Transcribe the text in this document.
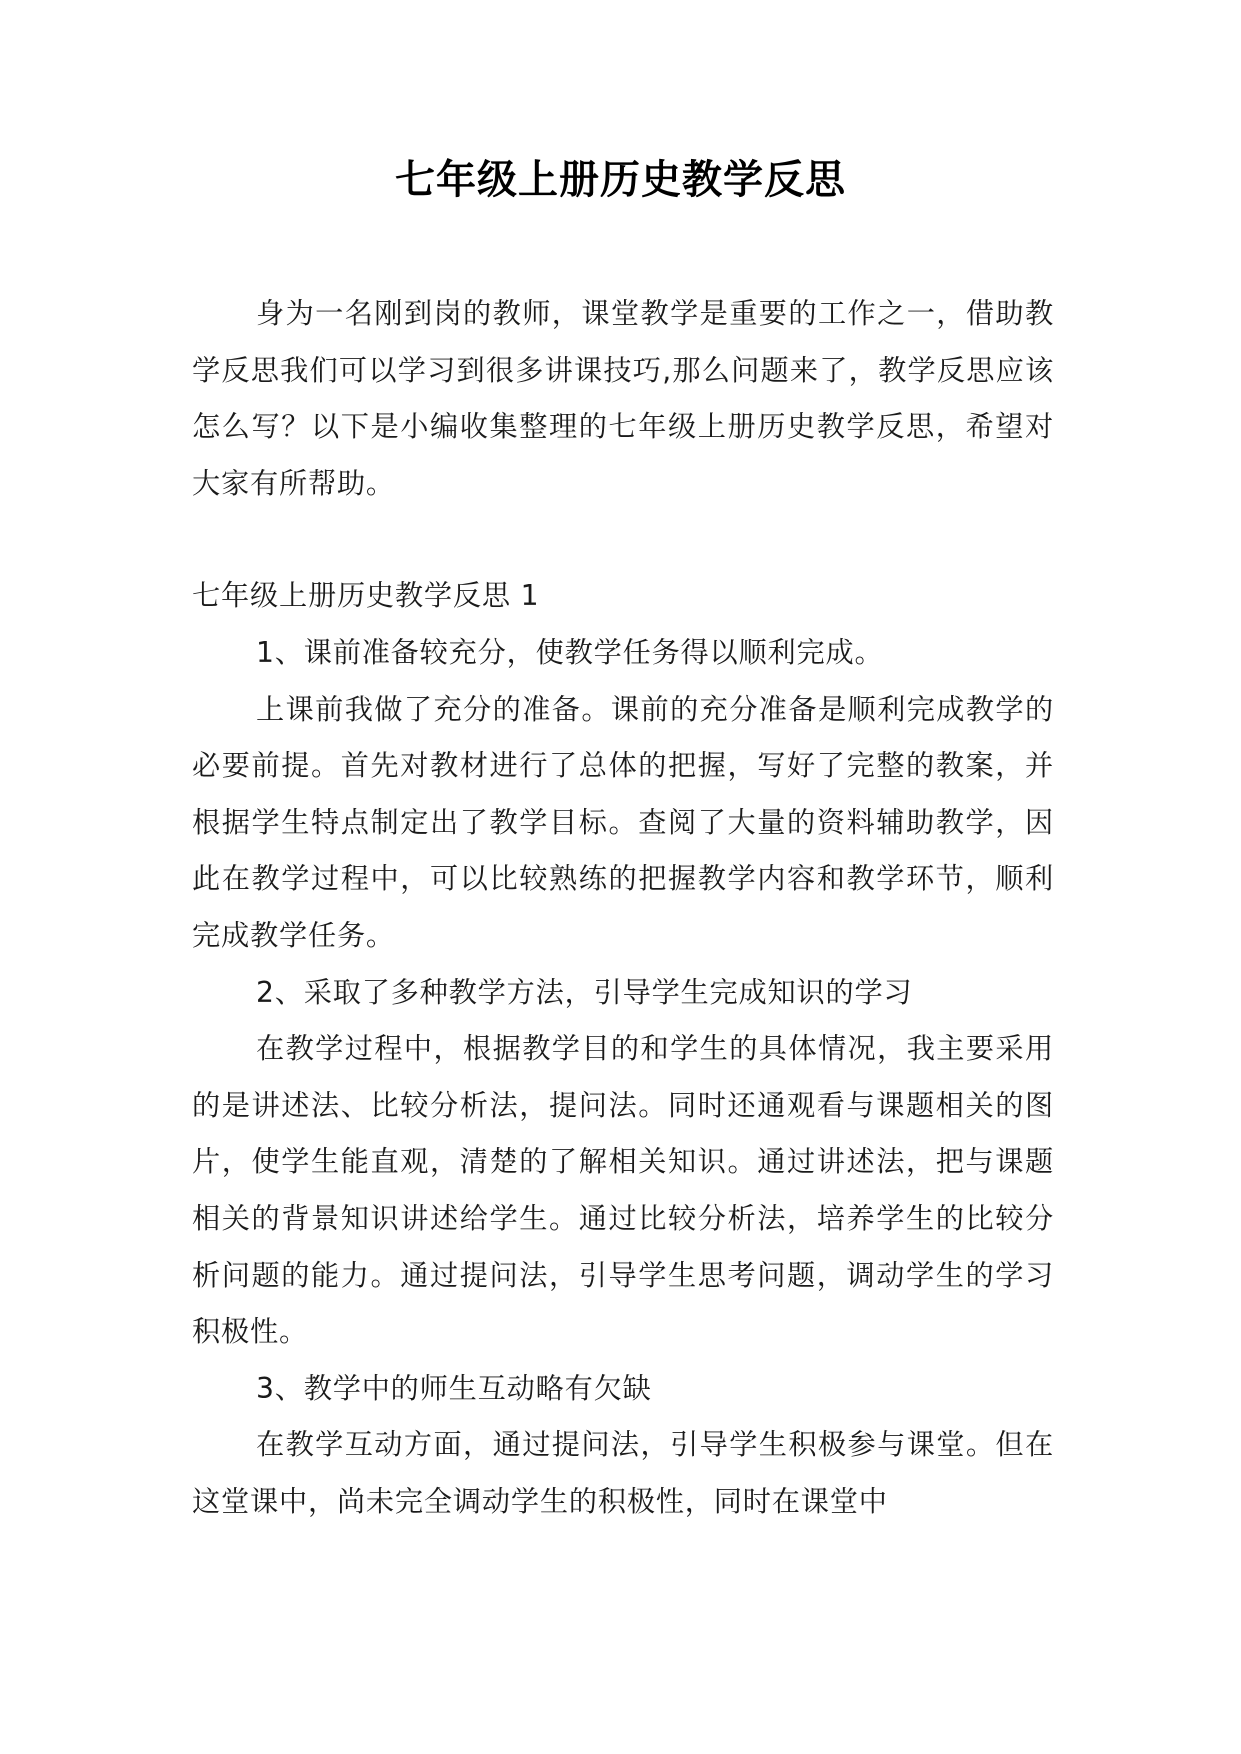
七年级上册历史教学反思

身为一名刚到岗的教师，课堂教学是重要的工作之一，借助教学反思我们可以学习到很多讲课技巧,那么问题来了，教学反思应该怎么写？以下是小编收集整理的七年级上册历史教学反思，希望对大家有所帮助。

七年级上册历史教学反思 1

1、课前准备较充分，使教学任务得以顺利完成。

上课前我做了充分的准备。课前的充分准备是顺利完成教学的必要前提。首先对教材进行了总体的把握，写好了完整的教案，并根据学生特点制定出了教学目标。查阅了大量的资料辅助教学，因此在教学过程中，可以比较熟练的把握教学内容和教学环节，顺利完成教学任务。

2、采取了多种教学方法，引导学生完成知识的学习

在教学过程中，根据教学目的和学生的具体情况，我主要采用的是讲述法、比较分析法，提问法。同时还通观看与课题相关的图片，使学生能直观，清楚的了解相关知识。通过讲述法，把与课题相关的背景知识讲述给学生。通过比较分析法，培养学生的比较分析问题的能力。通过提问法，引导学生思考问题，调动学生的学习积极性。

3、教学中的师生互动略有欠缺

在教学互动方面，通过提问法，引导学生积极参与课堂。但在这堂课中，尚未完全调动学生的积极性，同时在课堂中
